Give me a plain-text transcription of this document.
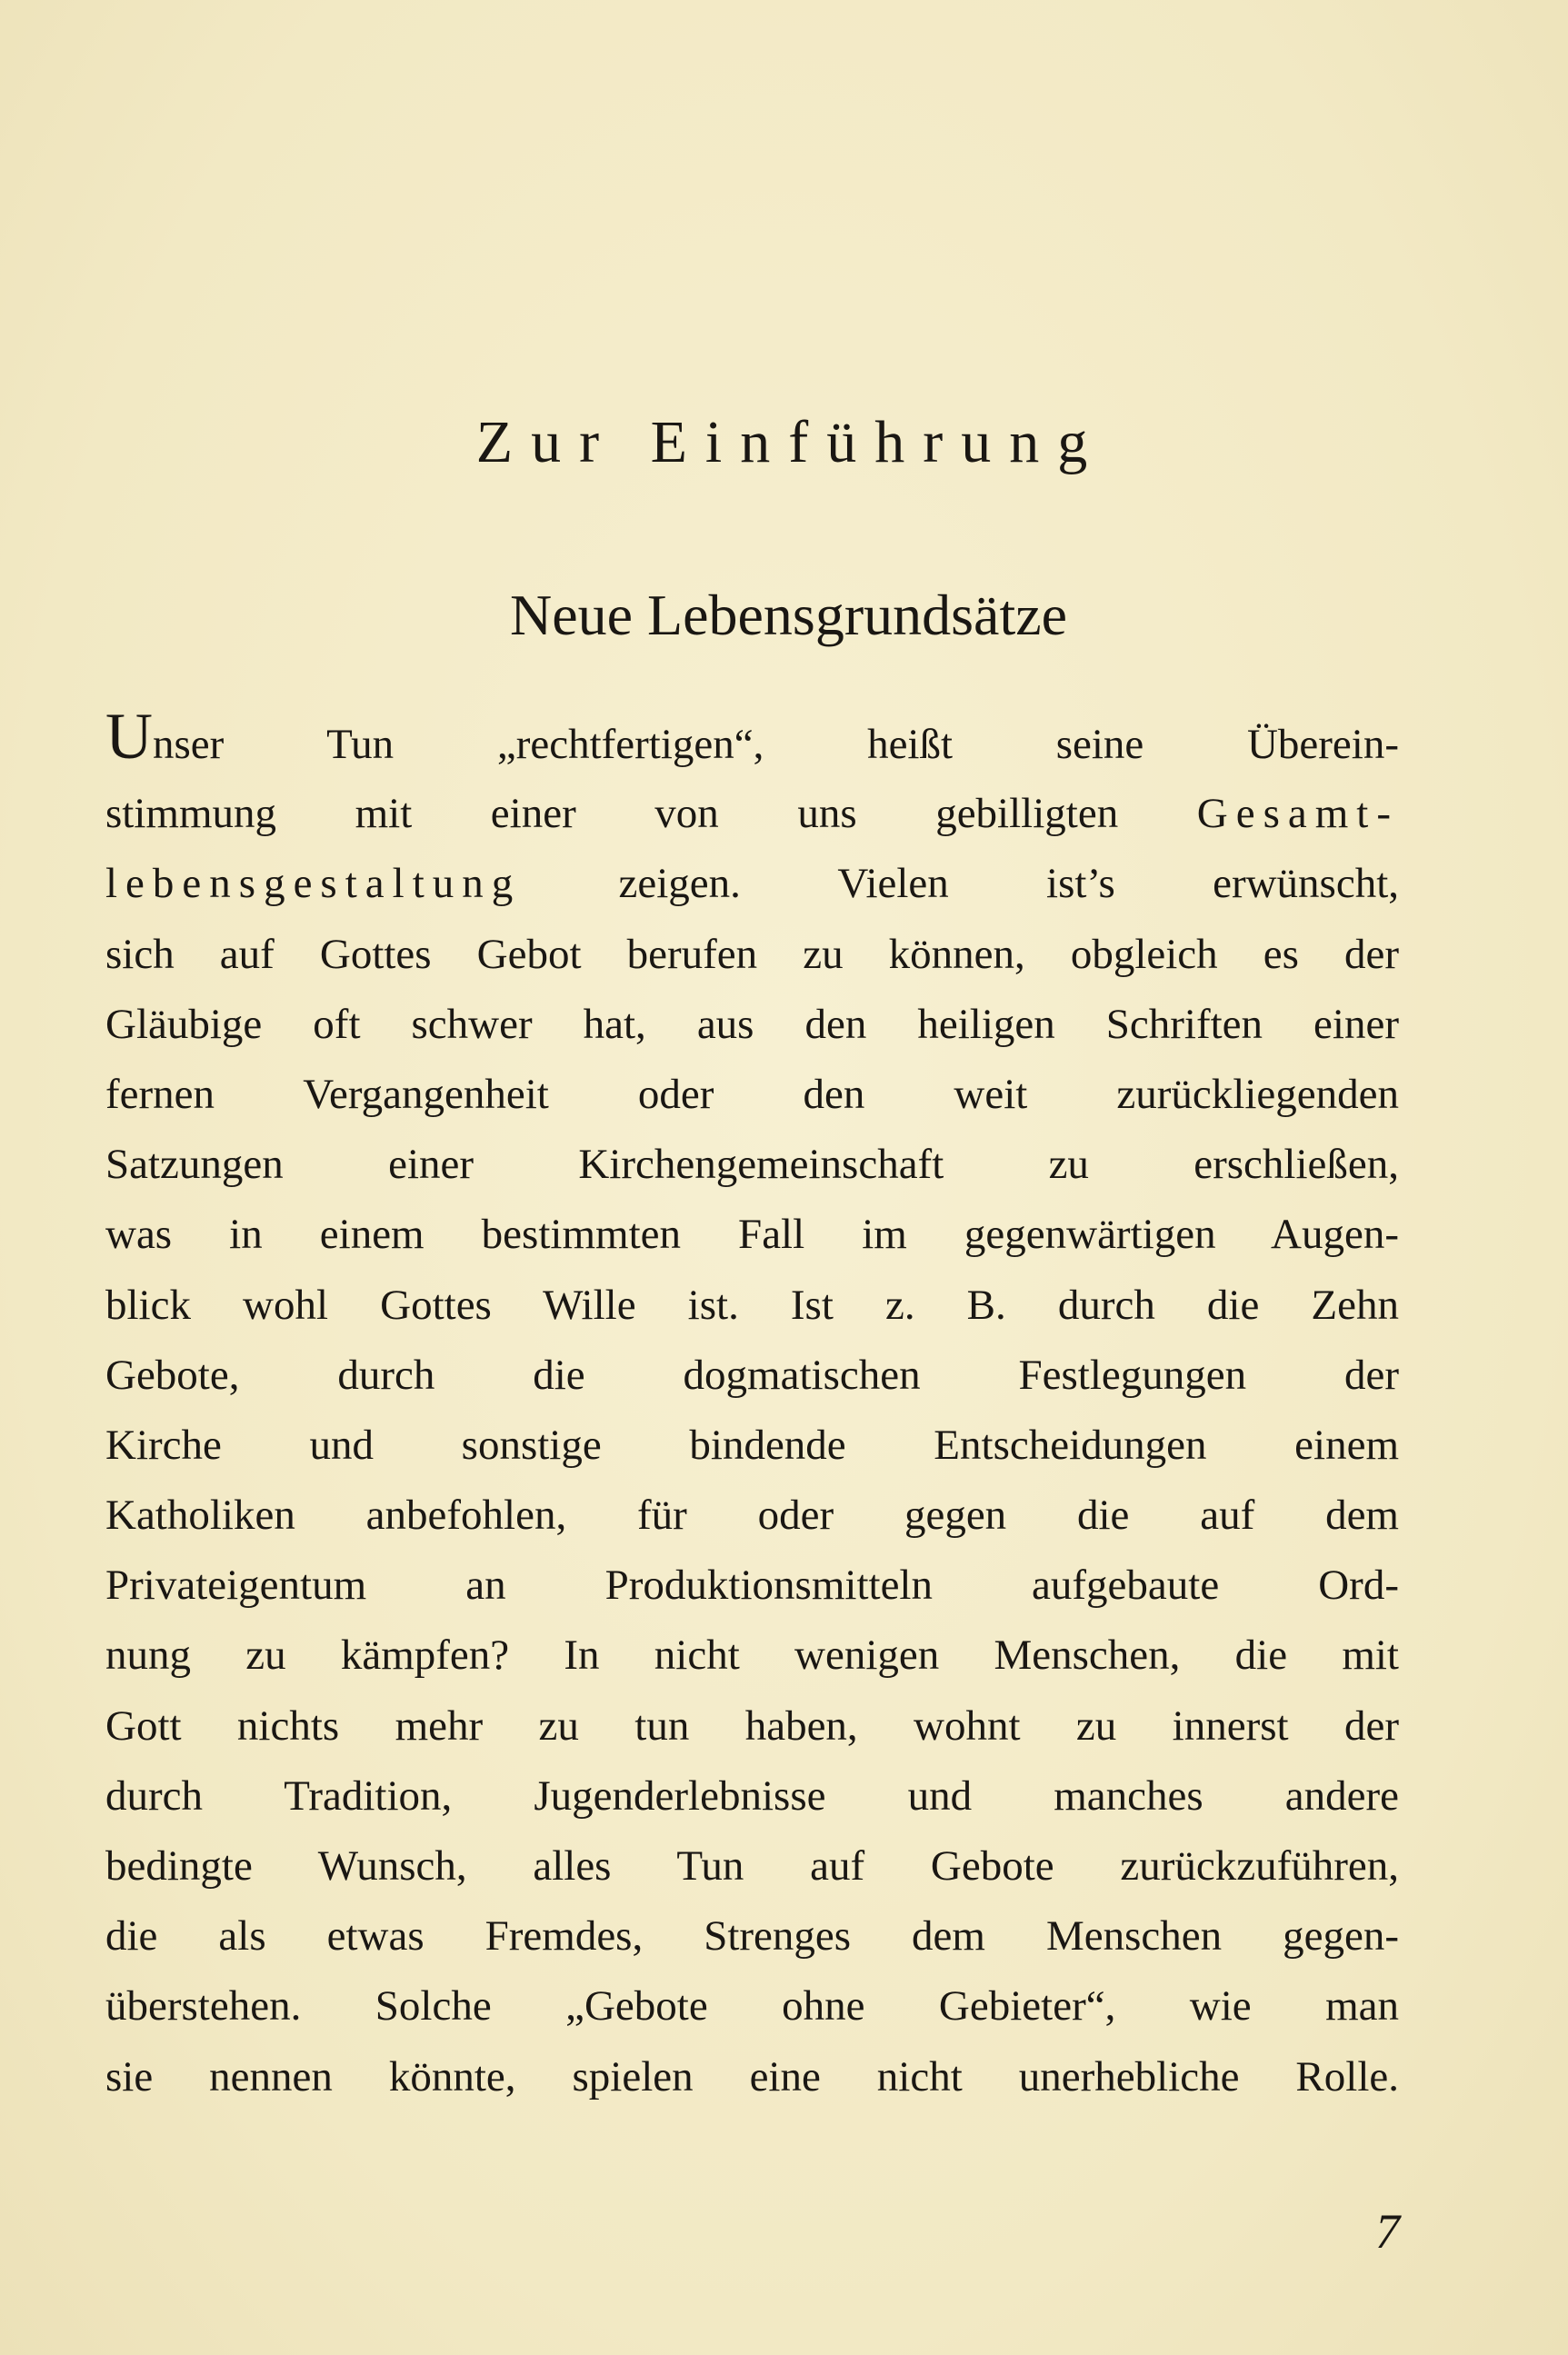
Zur Einführung
Neue Lebensgrundsätze
Unser Tun „rechtfertigen“, heißt seine Überein-
stimmung mit einer von uns gebilligten Gesamt-
lebensgestaltung zeigen. Vielen ist’s erwünscht,
sich auf Gottes Gebot berufen zu können, obgleich es der
Gläubige oft schwer hat, aus den heiligen Schriften einer
fernen Vergangenheit oder den weit zurückliegenden
Satzungen einer Kirchengemeinschaft zu erschließen,
was in einem bestimmten Fall im gegenwärtigen Augen-
blick wohl Gottes Wille ist. Ist z. B. durch die Zehn
Gebote, durch die dogmatischen Festlegungen der
Kirche und sonstige bindende Entscheidungen einem
Katholiken anbefohlen, für oder gegen die auf dem
Privateigentum an Produktionsmitteln aufgebaute Ord-
nung zu kämpfen? In nicht wenigen Menschen, die mit
Gott nichts mehr zu tun haben, wohnt zu innerst der
durch Tradition, Jugenderlebnisse und manches andere
bedingte Wunsch, alles Tun auf Gebote zurückzuführen,
die als etwas Fremdes, Strenges dem Menschen gegen-
überstehen. Solche „Gebote ohne Gebieter“, wie man
sie nennen könnte, spielen eine nicht unerhebliche Rolle.
7
